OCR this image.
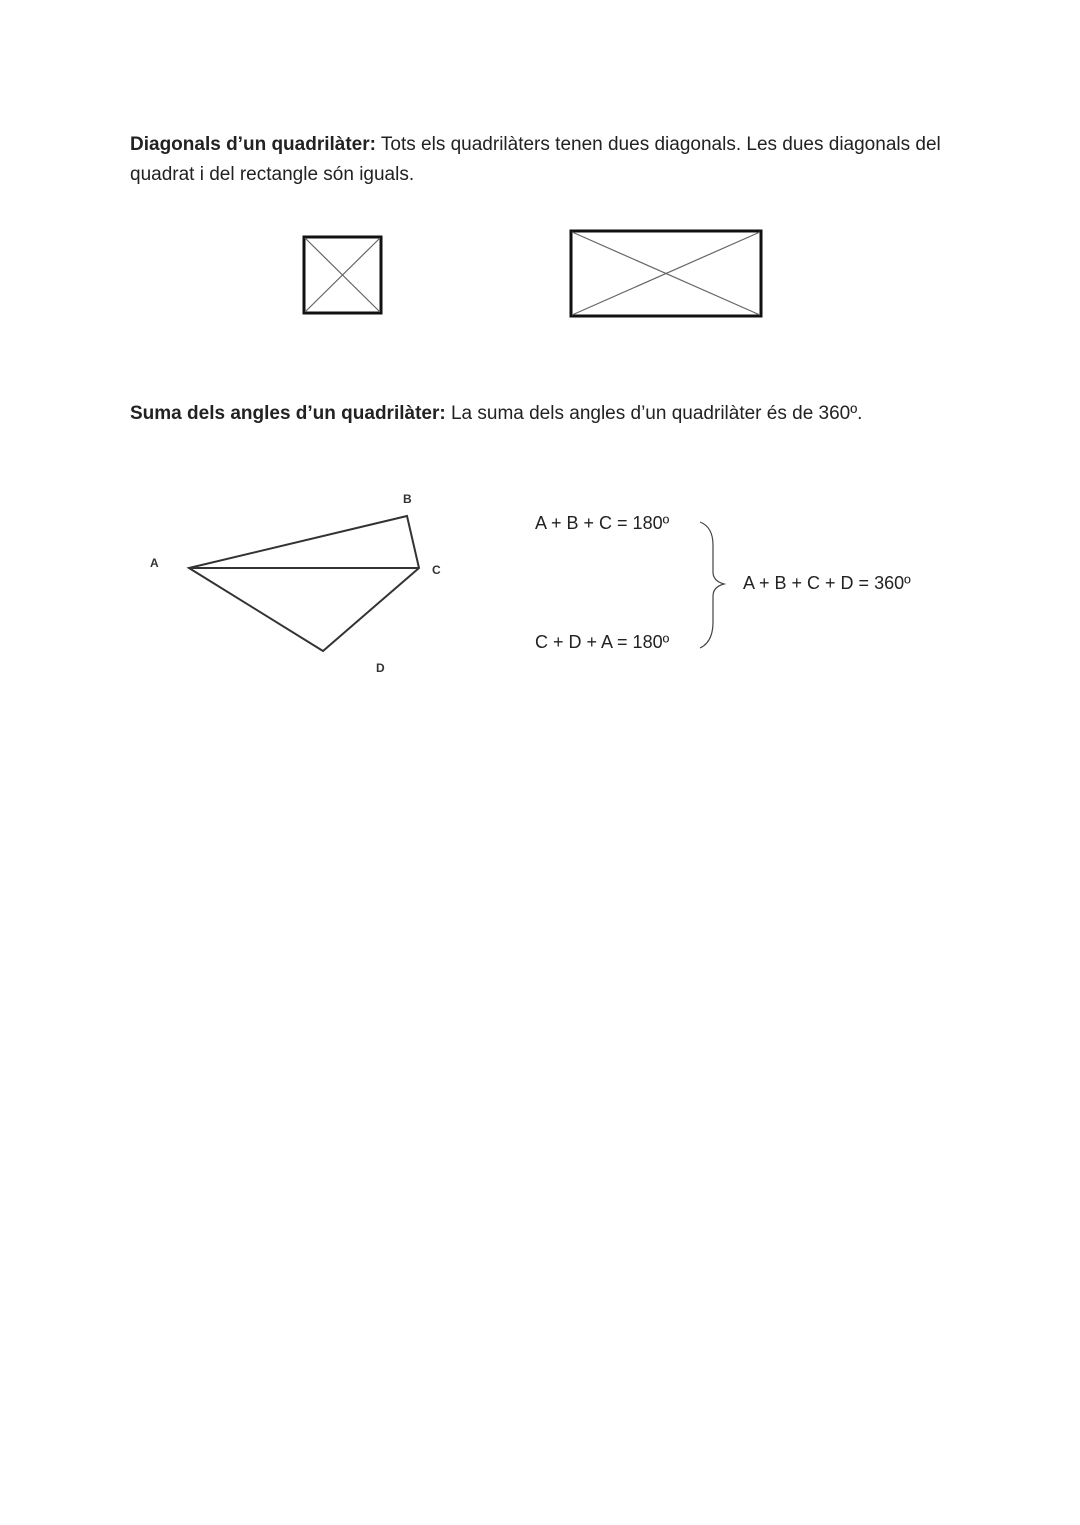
Diagonals d’un quadrilàter: Tots els quadrilàters tenen dues diagonals. Les dues diagonals del quadrat i del rectangle són iguals.
Suma dels angles d’un quadrilàter: La suma dels angles d’un quadrilàter és de 360º.
A
B
C
D
A + B + C = 180º
C + D + A = 180º
A + B + C + D = 360º
